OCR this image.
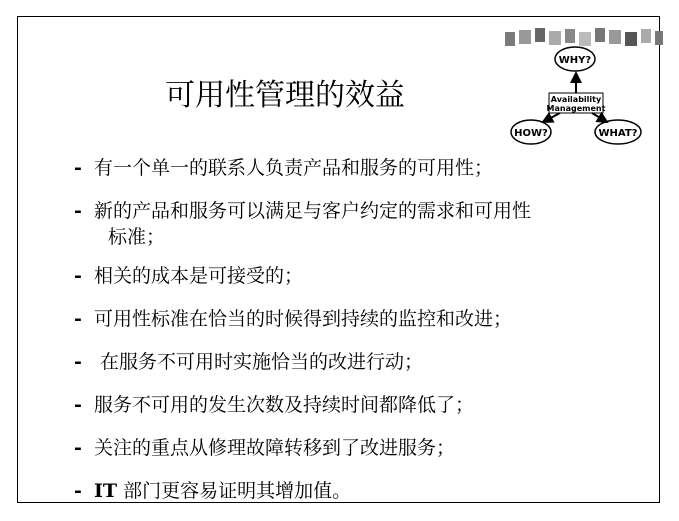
WHY?
HOW?	WHAT?
Availability
Management
可用性管理的效益
- 有一个单一的联系人负责产品和服务的可用性；
- 新的产品和服务可以满足与客户约定的需求和可用性
标准；
- 相关的成本是可接受的；
- 可用性标准在恰当的时候得到持续的监控和改进；
- 在服务不可用时实施恰当的改进行动；
- 服务不可用的发生次数及持续时间都降低了；
- 关注的重点从修理故障转移到了改进服务；
- IT 部门更容易证明其增加值。
